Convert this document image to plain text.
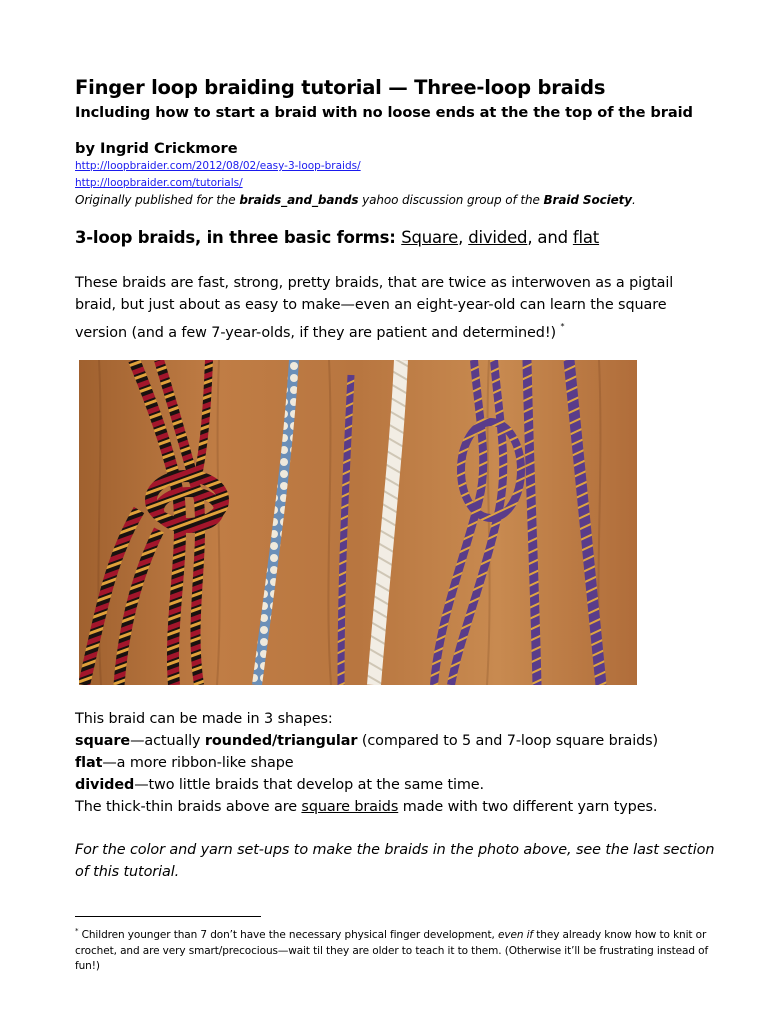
Finger loop braiding tutorial — Three-loop braids
Including how to start a braid with no loose ends at the the top of the braid
by Ingrid Crickmore
http://loopbraider.com/2012/08/02/easy-3-loop-braids/
http://loopbraider.com/tutorials/
Originally published for the braids_and_bands yahoo discussion group of the Braid Society.
3-loop braids, in three basic forms: Square, divided, and flat
These braids are fast, strong, pretty braids, that are twice as interwoven as a pigtail braid, but just about as easy to make—even an eight-year-old can learn the square version (and a few 7-year-olds, if they are patient and determined!) *
This braid can be made in 3 shapes:
square—actually rounded/triangular (compared to 5 and 7-loop square braids)
flat—a more ribbon-like shape
divided—two little braids that develop at the same time.
The thick-thin braids above are square braids made with two different yarn types.
For the color and yarn set-ups to make the braids in the photo above, see the last section of this tutorial.
* Children younger than 7 don’t have the necessary physical finger development, even if they already know how to knit or crochet, and are very smart/precocious—wait til they are older to teach it to them. (Otherwise it’ll be frustrating instead of fun!)
